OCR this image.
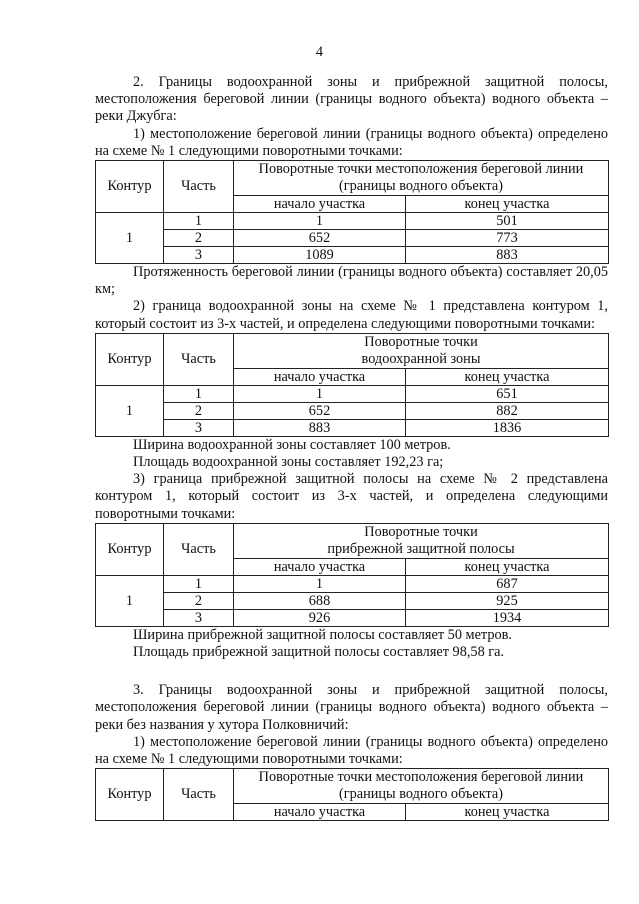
4

2. Границы водоохранной зоны и прибрежной защитной полосы, местоположения береговой линии (границы водного объекта) водного объекта – реки Джубга:

1) местоположение береговой линии (границы водного объекта) определено на схеме № 1 следующими поворотными точками:

Контур	Часть	Поворотные точки местоположения береговой линии (границы водного объекта)	
		начало участка	конец участка
1	1	1	501
	2	652	773
	3	1089	883

Протяженность береговой линии (границы водного объекта) составляет 20,05 км;

2) граница водоохранной зоны на схеме № 1 представлена контуром 1, который состоит из 3-х частей, и определена следующими поворотными точками:

Контур	Часть	Поворотные точки
водоохранной зоны	
		начало участка	конец участка
1	1	1	651
	2	652	882
	3	883	1836

Ширина водоохранной зоны составляет 100 метров.

Площадь водоохранной зоны составляет 192,23 га;

3) граница прибрежной защитной полосы на схеме № 2 представлена контуром 1, который состоит из 3-х частей, и определена следующими поворотными точками:

Контур	Часть	Поворотные точки
прибрежной защитной полосы	
		начало участка	конец участка
1	1	1	687
	2	688	925
	3	926	1934

Ширина прибрежной защитной полосы составляет 50 метров.

Площадь прибрежной защитной полосы составляет 98,58 га.

3. Границы водоохранной зоны и прибрежной защитной полосы, местоположения береговой линии (границы водного объекта) водного объекта – реки без названия у хутора Полковничий:

1) местоположение береговой линии (границы водного объекта) определено на схеме № 1 следующими поворотными точками:

Контур	Часть	Поворотные точки местоположения береговой линии (границы водного объекта)	
		начало участка	конец участка
